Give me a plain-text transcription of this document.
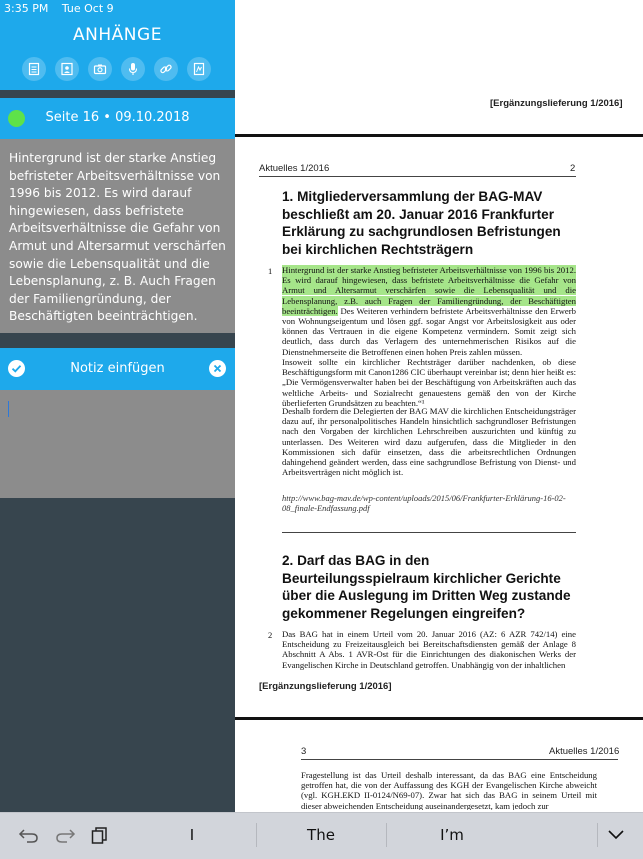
3:35 PM Tue Oct 9
ANHÄNGE
Seite 16 • 09.10.2018
Hintergrund ist der starke Anstieg befristeter Arbeitsverhältnisse von 1996 bis 2012. Es wird darauf hingewiesen, dass befristete Arbeitsverhältnisse die Gefahr von Armut und Altersarmut verschärfen sowie die Lebensqualität und die Lebensplanung, z. B. Auch Fragen der Familiengründung, der Beschäftigten beeinträchtigen.
Notiz einfügen
[Ergänzungslieferung 1/2016]
Aktuelles 1/2016	2
1. Mitgliederversammlung der BAG-MAV beschließt am 20. Januar 2016 Frankfurter Erklärung zu sachgrundlosen Befristungen bei kirchlichen Rechtsträgern
1 Hintergrund ist der starke Anstieg befristeter Arbeitsverhältnisse von 1996 bis 2012. Es wird darauf hingewiesen, dass befristete Arbeitsverhältnisse die Gefahr von Armut und Altersarmut verschärfen sowie die Lebensqualität und die Lebensplanung, z.B. auch Fragen der Familiengründung, der Beschäftigten beeinträchtigen. Des Weiteren verhindern befristete Arbeitsverhältnisse den Erwerb von Wohnungseigentum und lösen ggf. sogar Angst vor Arbeitslosigkeit aus oder können das Vertrauen in die eigene Kompetenz vermindern. Somit zeigt sich deutlich, dass durch das Verlagern des unternehmerischen Risikos auf die Dienstnehmerseite die Betroffenen einen hohen Preis zahlen müssen.
Insoweit sollte ein kirchlicher Rechtsträger darüber nachdenken, ob diese Beschäftigungsform mit Canon1286 CIC überhaupt vereinbar ist; denn hier heißt es: „Die Vermögensverwalter haben bei der Beschäftigung von Arbeitskräften auch das weltliche Arbeits- und Sozialrecht genauestens gemäß den von der Kirche überlieferten Grundsätzen zu beachten.“¹
Deshalb fordern die Delegierten der BAG MAV die kirchlichen Entscheidungsträger dazu auf, ihr personalpolitisches Handeln hinsichtlich sachgrundloser Befristungen nach den Vorgaben der kirchlichen Lehrschreiben auszurichten und künftig zu unterlassen. Des Weiteren wird dazu aufgerufen, dass die Mitglieder in den Kommissionen sich dafür einsetzen, dass die arbeitsrechtlichen Ordnungen dahingehend geändert werden, dass eine sachgrundlose Befristung von Dienst- und Arbeitsverträgen nicht möglich ist.
http://www.bag-mav.de/wp-content/uploads/2015/06/Frankfurter-Erklärung-16-02-08_finale-Endfassung.pdf
2. Darf das BAG in den Beurteilungsspielraum kirchlicher Gerichte über die Auslegung im Dritten Weg zustande gekommener Regelungen eingreifen?
2 Das BAG hat in einem Urteil vom 20. Januar 2016 (AZ: 6 AZR 742/14) eine Entscheidung zu Freizeitausgleich bei Bereitschaftsdiensten gemäß der Anlage 8 Abschnitt A Abs. 1 AVR-Ost für die Einrichtungen des diakonischen Werks der Evangelischen Kirche in Deutschland getroffen. Unabhängig von der inhaltlichen
[Ergänzungslieferung 1/2016]
3	Aktuelles 1/2016
Fragestellung ist das Urteil deshalb interessant, da das BAG eine Entscheidung getroffen hat, die von der Auffassung des KGH der Evangelischen Kirche abweicht (vgl. KGH.EKD II-0124/N69-07). Zwar hat sich das BAG in seinem Urteil mit dieser abweichenden Entscheidung auseinandergesetzt, kam jedoch zur
I	The	I’m
